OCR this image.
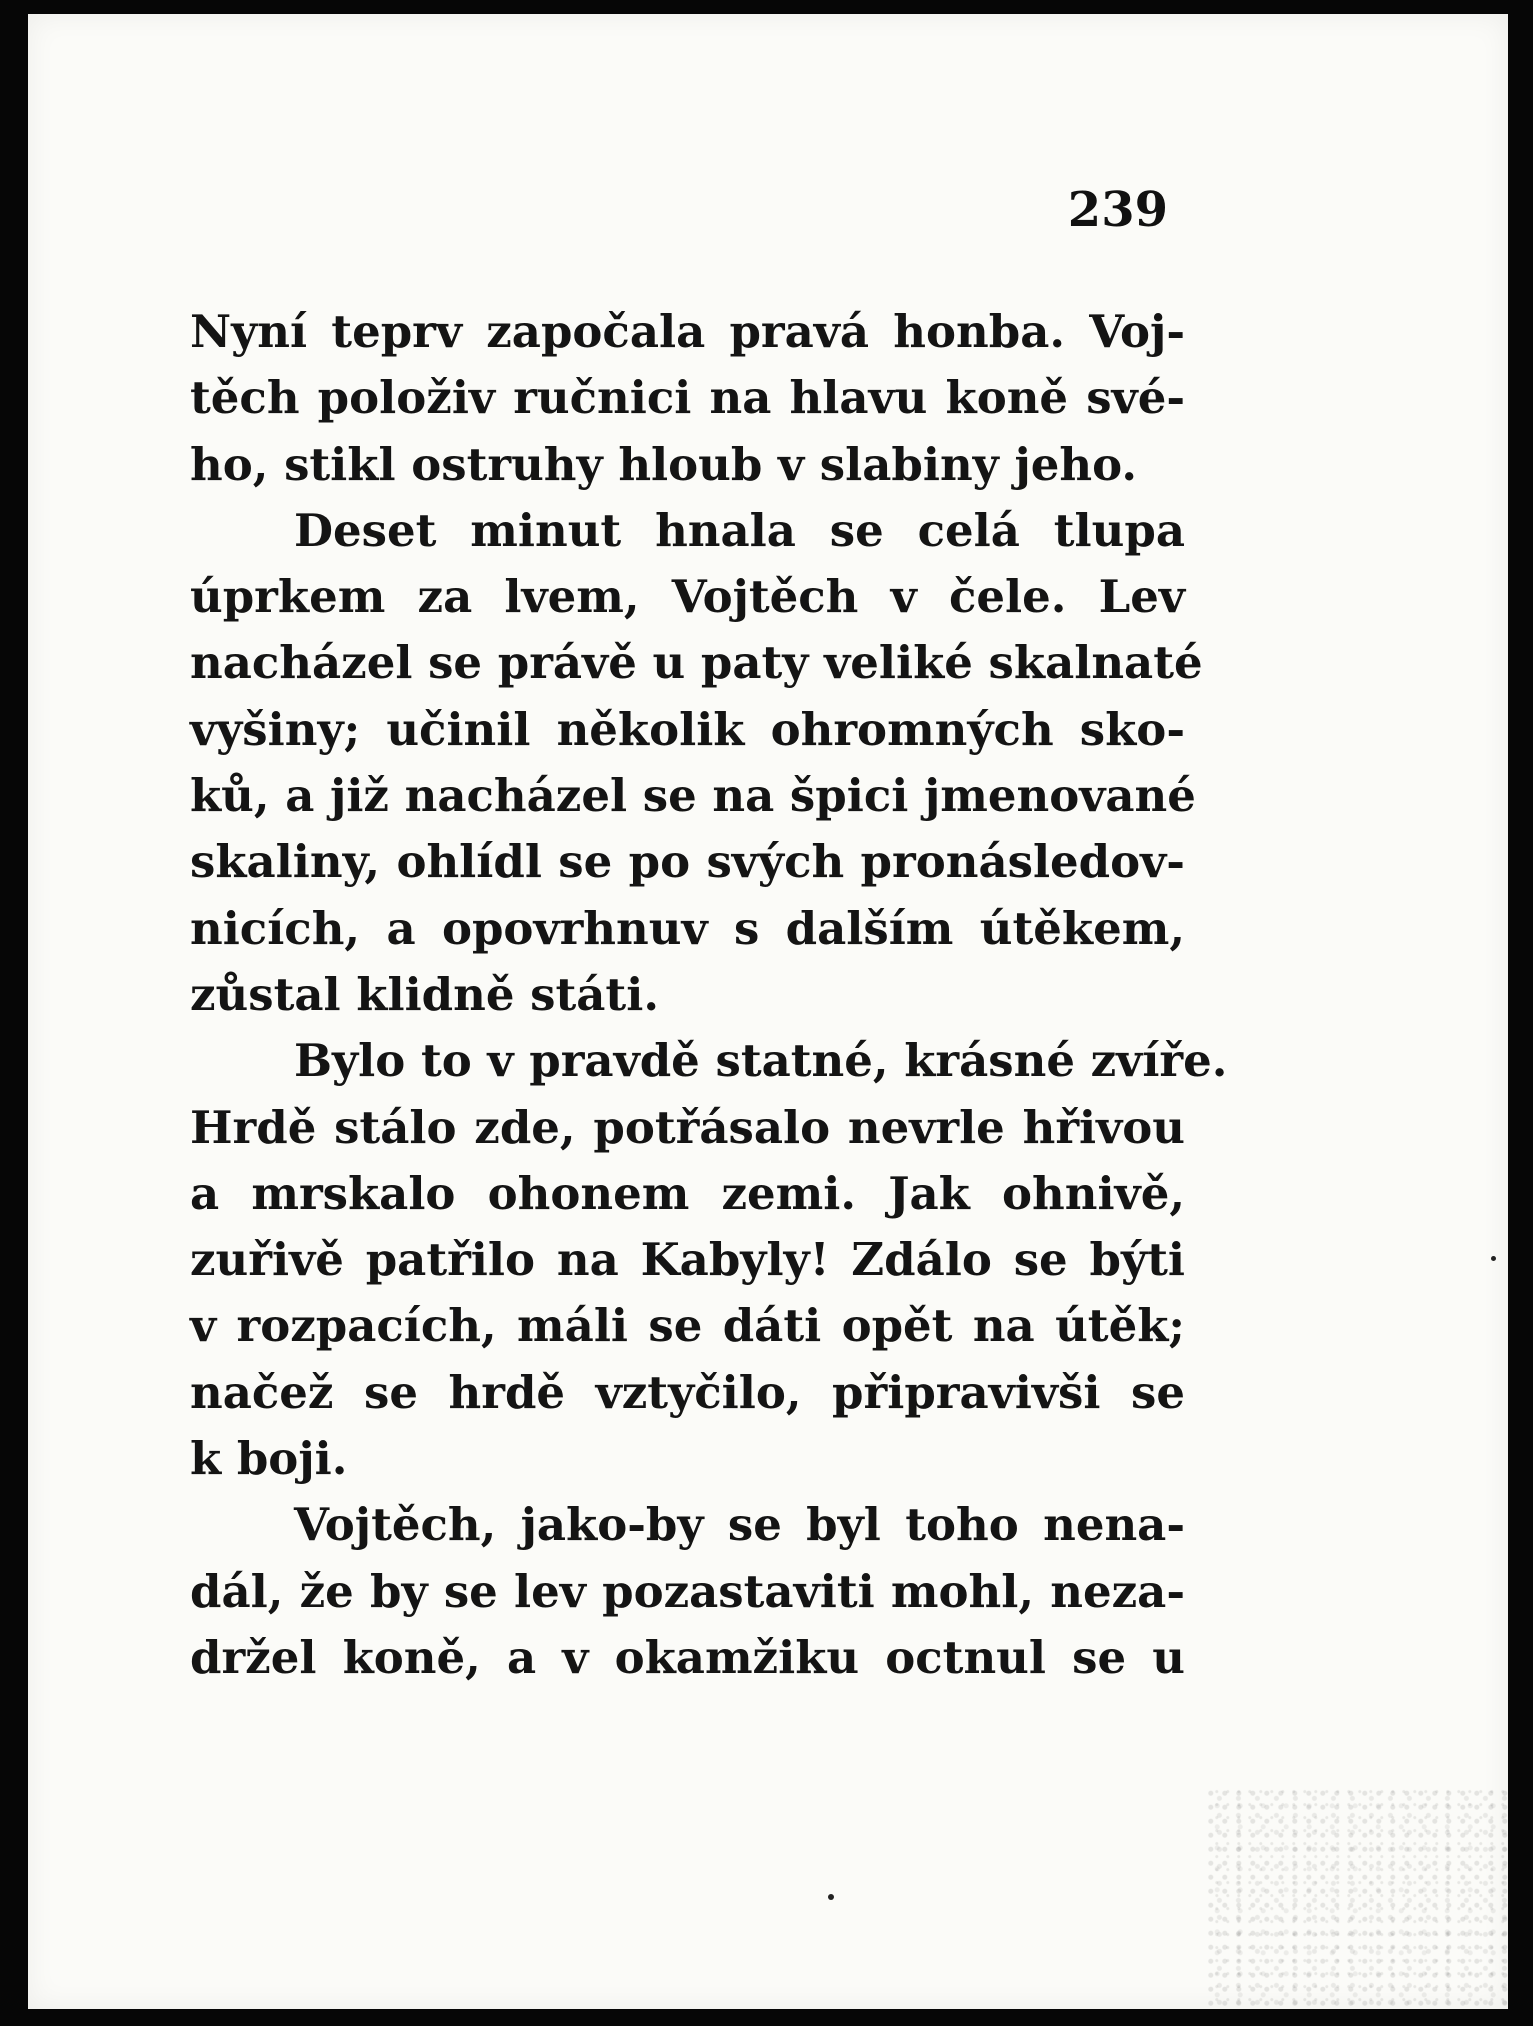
239
Nyní teprv započala pravá honba. Voj-
těch položiv ručnici na hlavu koně své-
ho, stikl ostruhy hloub v slabiny jeho.
Deset minut hnala se celá tlupa
úprkem za lvem, Vojtěch v čele. Lev
nacházel se právě u paty veliké skalnaté
vyšiny; učinil několik ohromných sko-
ků, a již nacházel se na špici jmenované
skaliny, ohlídl se po svých pronásledov-
nicích, a opovrhnuv s dalším útěkem,
zůstal klidně státi.
Bylo to v pravdě statné, krásné zvíře.
Hrdě stálo zde, potřásalo nevrle hřivou
a mrskalo ohonem zemi. Jak ohnivě,
zuřivě patřilo na Kabyly! Zdálo se býti
v rozpacích, máli se dáti opět na útěk;
načež se hrdě vztyčilo, připravivši se
k boji.
Vojtěch, jako-by se byl toho nena-
dál, že by se lev pozastaviti mohl, neza-
držel koně, a v okamžiku octnul se u
